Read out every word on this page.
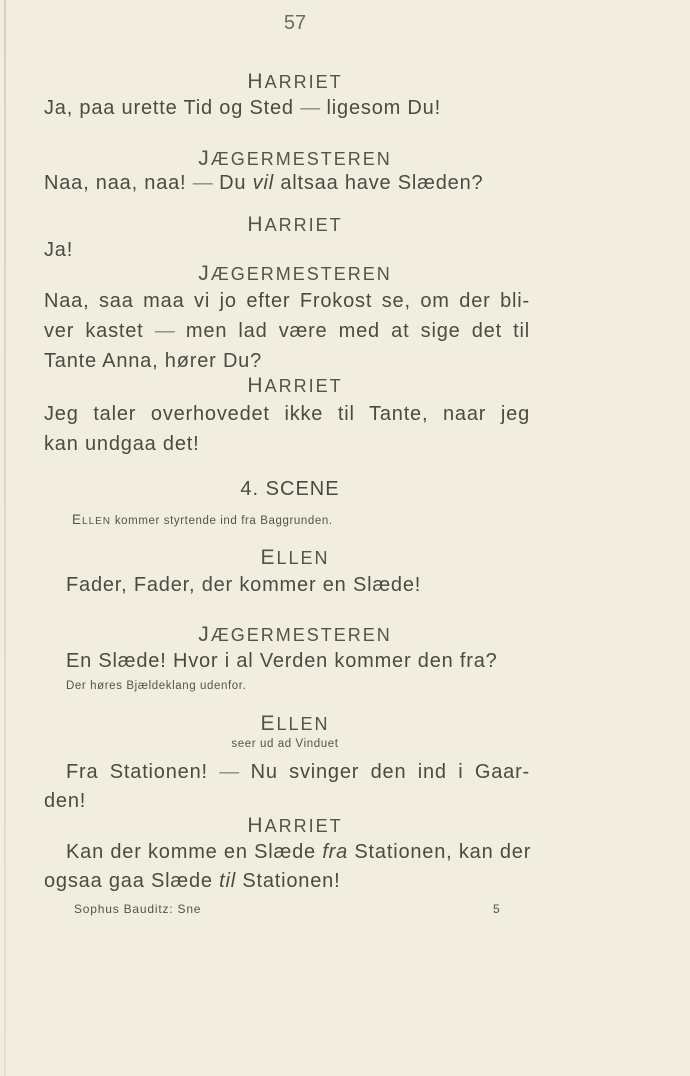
57
HARRIET
Ja, paa urette Tid og Sted — ligesom Du!
JÆGERMESTEREN
Naa, naa, naa! — Du vil altsaa have Slæden?
HARRIET
Ja!
JÆGERMESTEREN
Naa, saa maa vi jo efter Frokost se, om der bli-
ver kastet — men lad være med at sige det til
Tante Anna, hører Du?
HARRIET
Jeg taler overhovedet ikke til Tante, naar jeg
kan undgaa det!
4. SCENE
ELLEN kommer styrtende ind fra Baggrunden.
ELLEN
Fader, Fader, der kommer en Slæde!
JÆGERMESTEREN
En Slæde! Hvor i al Verden kommer den fra?
Der høres Bjældeklang udenfor.
ELLEN
seer ud ad Vinduet
Fra Stationen! — Nu svinger den ind i Gaar-
den!
HARRIET
Kan der komme en Slæde fra Stationen, kan der
ogsaa gaa Slæde til Stationen!
Sophus Bauditz: Sne	5
